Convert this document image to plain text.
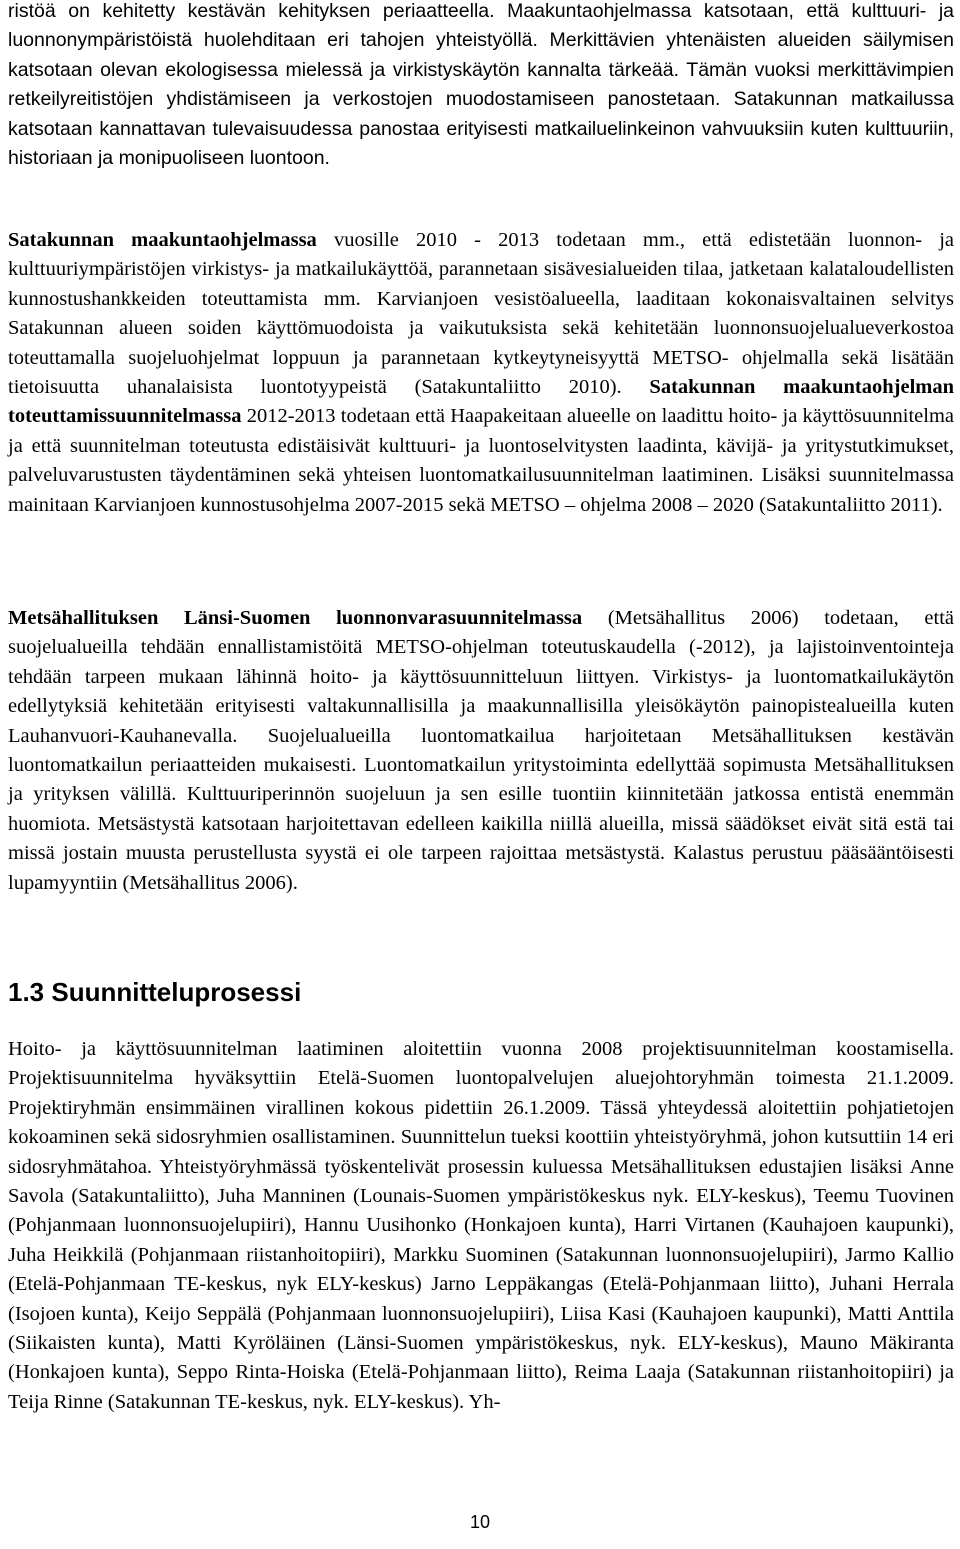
ristöä on kehitetty kestävän kehityksen periaatteella. Maakuntaohjelmassa katsotaan, että kulttuuri- ja luonnonympäristöistä huolehditaan eri tahojen yhteistyöllä. Merkittävien yhtenäisten alueiden säilymisen katsotaan olevan ekologisessa mielessä ja virkistyskäytön kannalta tärkeää. Tämän vuoksi merkittävimpien retkeilyreitistöjen yhdistämiseen ja verkostojen muodostamiseen panostetaan. Satakunnan matkailussa katsotaan kannattavan tulevaisuudessa panostaa erityisesti matkailuelinkeinon vahvuuksiin kuten kulttuuriin, historiaan ja monipuoliseen luontoon.

Satakunnan maakuntaohjelmassa vuosille 2010 - 2013 todetaan mm., että edistetään luonnon- ja kulttuuriympäristöjen virkistys- ja matkailukäyttöä, parannetaan sisävesialueiden tilaa, jatketaan kalataloudellisten kunnostushankkeiden toteuttamista mm. Karvianjoen vesistöalueella, laaditaan kokonaisvaltainen selvitys Satakunnan alueen soiden käyttömuodoista ja vaikutuksista sekä kehitetään luonnonsuojelualueverkostoa toteuttamalla suojeluohjelmat loppuun ja parannetaan kytkeytyneisyyttä METSO- ohjelmalla sekä lisätään tietoisuutta uhanalaisista luontotyypeistä (Satakuntaliitto 2010). Satakunnan maakuntaohjelman toteuttamissuunnitelmassa 2012-2013 todetaan että Haapakeitaan alueelle on laadittu hoito- ja käyttösuunnitelma ja että suunnitelman toteutusta edistäisivät kulttuuri- ja luontoselvitysten laadinta, kävijä- ja yritystutkimukset, palveluvarustusten täydentäminen sekä yhteisen luontomatkailusuunnitelman laatiminen. Lisäksi suunnitelmassa mainitaan Karvianjoen kunnostusohjelma 2007-2015 sekä METSO – ohjelma 2008 – 2020 (Satakuntaliitto 2011).

Metsähallituksen Länsi-Suomen luonnonvarasuunnitelmassa (Metsähallitus 2006) todetaan, että suojelualueilla tehdään ennallistamistöitä METSO-ohjelman toteutuskaudella (-2012), ja lajistoinventointeja tehdään tarpeen mukaan lähinnä hoito- ja käyttösuunnitteluun liittyen. Virkistys- ja luontomatkailukäytön edellytyksiä kehitetään erityisesti valtakunnallisilla ja maakunnallisilla yleisökäytön painopistealueilla kuten Lauhanvuori-Kauhanevalla. Suojelualueilla luontomatkailua harjoitetaan Metsähallituksen kestävän luontomatkailun periaatteiden mukaisesti. Luontomatkailun yritystoiminta edellyttää sopimusta Metsähallituksen ja yrityksen välillä. Kulttuuriperinnön suojeluun ja sen esille tuontiin kiinnitetään jatkossa entistä enemmän huomiota. Metsästystä katsotaan harjoitettavan edelleen kaikilla niillä alueilla, missä säädökset eivät sitä estä tai missä jostain muusta perustellusta syystä ei ole tarpeen rajoittaa metsästystä. Kalastus perustuu pääsääntöisesti lupamyyntiin (Metsähallitus 2006).

1.3 Suunnitteluprosessi

Hoito- ja käyttösuunnitelman laatiminen aloitettiin vuonna 2008 projektisuunnitelman koostamisella. Projektisuunnitelma hyväksyttiin Etelä-Suomen luontopalvelujen aluejohtoryhmän toimesta 21.1.2009. Projektiryhmän ensimmäinen virallinen kokous pidettiin 26.1.2009. Tässä yhteydessä aloitettiin pohjatietojen kokoaminen sekä sidosryhmien osallistaminen. Suunnittelun tueksi koottiin yhteistyöryhmä, johon kutsuttiin 14 eri sidosryhmätahoa. Yhteistyöryhmässä työskentelivät prosessin kuluessa Metsähallituksen edustajien lisäksi Anne Savola (Satakuntaliitto), Juha Manninen (Lounais-Suomen ympäristökeskus nyk. ELY-keskus), Teemu Tuovinen (Pohjanmaan luonnonsuojelupiiri), Hannu Uusihonko (Honkajoen kunta), Harri Virtanen (Kauhajoen kaupunki), Juha Heikkilä (Pohjanmaan riistanhoitopiiri), Markku Suominen (Satakunnan luonnonsuojelupiiri), Jarmo Kallio (Etelä-Pohjanmaan TE-keskus, nyk ELY-keskus) Jarno Leppäkangas (Etelä-Pohjanmaan liitto), Juhani Herrala (Isojoen kunta), Keijo Seppälä (Pohjanmaan luonnonsuojelupiiri), Liisa Kasi (Kauhajoen kaupunki), Matti Anttila (Siikaisten kunta), Matti Kyröläinen (Länsi-Suomen ympäristökeskus, nyk. ELY-keskus), Mauno Mäkiranta (Honkajoen kunta), Seppo Rinta-Hoiska (Etelä-Pohjanmaan liitto), Reima Laaja (Satakunnan riistanhoitopiiri) ja Teija Rinne (Satakunnan TE-keskus, nyk. ELY-keskus). Yh-

10
